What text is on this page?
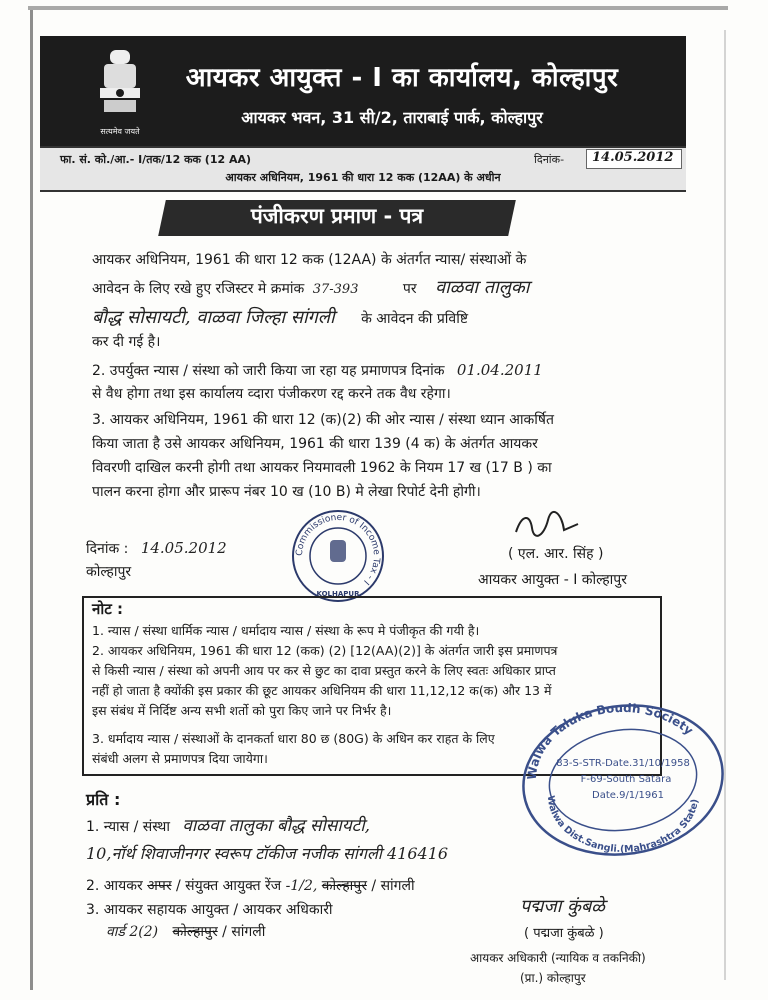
सत्यमेव जयते
आयकर आयुक्त - I का कार्यालय, कोल्हापुर
आयकर भवन, 31 सी/2, ताराबाई पार्क, कोल्हापुर
फा. सं. को./आ.- I/तक/12 कक (12 AA)	दिनांक- 14.05.2012
आयकर अधिनियम, 1961 की धारा 12 कक (12AA) के अधीन
पंजीकरण प्रमाण - पत्र
आयकर अधिनियम, 1961 की धारा 12 कक (12AA) के अंतर्गत न्यास/ संस्थाओं के
आवेदन के लिए रखे हुए रजिस्टर मे क्रमांक 37-393	पर वाळवा तालुका
बौद्ध सोसायटी, वाळवा जिल्हा सांगली के आवेदन की प्रविष्टि
कर दी गई है।
2. उपर्युक्त न्यास / संस्था को जारी किया जा रहा यह प्रमाणपत्र दिनांक 01.04.2011
से वैध होगा तथा इस कार्यालय व्दारा पंजीकरण रद्द करने तक वैध रहेगा।
3. आयकर अधिनियम, 1961 की धारा 12 (क)(2) की ओर न्यास / संस्था ध्यान आकर्षित
किया जाता है उसे आयकर अधिनियम, 1961 की धारा 139 (4 क) के अंतर्गत आयकर
विवरणी दाखिल करनी होगी तथा आयकर नियमावली 1962 के नियम 17 ख (17 B ) का
पालन करना होगा और प्रारूप नंबर 10 ख (10 B) मे लेखा रिपोर्ट देनी होगी।
दिनांक : 14.05.2012
कोल्हापुर
Commissioner of Income Tax - I
KOLHAPUR
( एल. आर. सिंह )
आयकर आयुक्त - I कोल्हापुर
नोट :
1. न्यास / संस्था धार्मिक न्यास / धर्मादाय न्यास / संस्था के रूप मे पंजीकृत की गयी है।
2. आयकर अधिनियम, 1961 की धारा 12 (कक) (2) [12(AA)(2)] के अंतर्गत जारी इस प्रमाणपत्र
से किसी न्यास / संस्था को अपनी आय पर कर से छुट का दावा प्रस्तुत करने के लिए स्वतः अधिकार प्राप्त
नहीं हो जाता है क्योंकी इस प्रकार की छूट आयकर अधिनियम की धारा 11,12,12 क(क) और 13 में
इस संबंध में निर्दिष्ट अन्य सभी शर्तो को पुरा किए जाने पर निर्भर है।
3. धर्मादाय न्यास / संस्थाओं के दानकर्ता धारा 80 छ (80G) के अधिन कर राहत के लिए
संबंधी अलग से प्रमाणपत्र दिया जायेगा।
प्रति :
1. न्यास / संस्था वाळवा तालुका बौद्ध सोसायटी,
10,नॉर्थ शिवाजीनगर स्वरूप टॉकीज नजीक सांगली 416416
2. आयकर अपर / संयुक्त आयुक्त रेंज -1/2, कोल्हापुर / सांगली
3. आयकर सहायक आयुक्त / आयकर अधिकारी
वार्ड 2(2) कोल्हापुर / सांगली
Walwa Taluka Boudh Society
83-S-STR-Date.31/10/1958
F-69-South Satara
Date.9/1/1961
Walwa Dist.Sangli.(Mahrashtra State)
पद्मजा कुंबळे
( पद्मजा कुंबळे )
आयकर अधिकारी (न्यायिक व तकनिकी)
(प्रा.) कोल्हापुर
